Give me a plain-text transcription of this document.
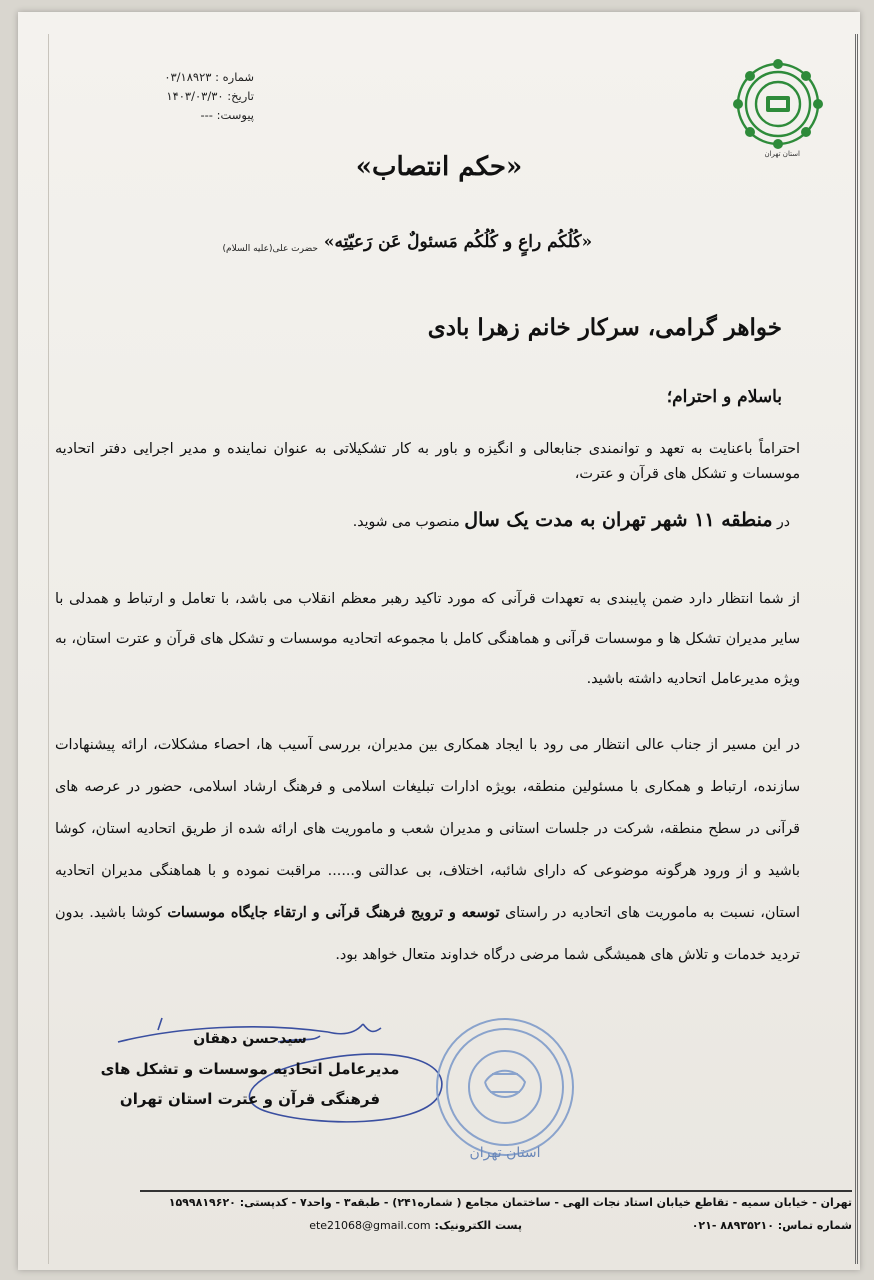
استان تهران
شماره : ۰۳/۱۸۹۲۳
تاریخ: ۱۴۰۳/۰۳/۳۰
پیوست: ---
«حکم انتصاب»
«کُلُکُم راعٍ و کُلُکُم مَسئولٌ عَن رَعیّتِه»
حضرت علی(علیه السلام)
خواهر گرامی، سرکار خانم زهرا بادی
باسلام و احترام؛
احتراماً باعنایت به تعهد و توانمندی جنابعالی و انگیزه و باور به کار تشکیلاتی به عنوان نماینده و مدیر اجرایی دفتر اتحادیه موسسات و تشکل های قرآن و عترت،
در منطقه ۱۱ شهر تهران به مدت یک سال منصوب می شوید.
از شما انتظار دارد ضمن پایبندی به تعهدات قرآنی که مورد تاکید رهبر معظم انقلاب می باشد، با تعامل و ارتباط و همدلی با سایر مدیران تشکل ها و موسسات قرآنی و هماهنگی کامل با مجموعه اتحادیه موسسات و تشکل های قرآن و عترت استان، به ویژه مدیرعامل اتحادیه داشته باشید.
در این مسیر از جناب عالی انتظار می رود با ایجاد همکاری بین مدیران، بررسی آسیب ها، احصاء مشکلات، ارائه پیشنهادات سازنده، ارتباط و همکاری با مسئولین منطقه، بویژه ادارات تبلیغات اسلامی و فرهنگ ارشاد اسلامی، حضور در عرصه های قرآنی در سطح منطقه، شرکت در جلسات استانی و مدیران شعب و ماموریت های ارائه شده از طریق اتحادیه استان، کوشا باشید و از ورود هرگونه موضوعی که دارای شائبه، اختلاف، بی عدالتی و...... مراقبت نموده و با هماهنگی مدیران اتحادیه استان، نسبت به ماموریت های اتحادیه در راستای توسعه و ترویج فرهنگ قرآنی و ارتقاء جایگاه موسسات کوشا باشید. بدون تردید خدمات و تلاش های همیشگی شما مرضی درگاه خداوند متعال خواهد بود.
سیدحسن دهقان
مدیرعامل اتحادیه موسسات و تشکل های
فرهنگی قرآن و عترت استان تهران
استان تهران
تهران - خیابان سمیه - تقاطع خیابان استاد نجات الهی - ساختمان مجامع ( شماره۲۴۱) - طبقه۳ - واحد۷ - کدپستی: ۱۵۹۹۸۱۹۶۲۰
شماره تماس: ۸۸۹۳۵۲۱۰ -۰۲۱
پست الکترونیک: ete21068@gmail.com
